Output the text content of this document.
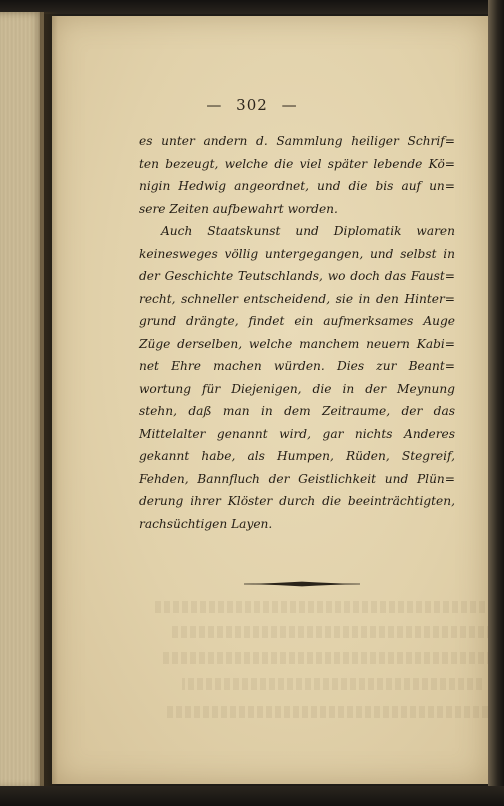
— 302 —
es unter andern d. Sammlung heiliger Schrif=
ten bezeugt, welche die viel später lebende Kö=
nigin Hedwig angeordnet, und die bis auf un=
sere Zeiten aufbewahrt worden.
Auch Staatskunst und Diplomatik waren
keinesweges völlig untergegangen, und selbst in
der Geschichte Teutschlands, wo doch das Faust=
recht, schneller entscheidend, sie in den Hinter=
grund drängte, findet ein aufmerksames Auge
Züge derselben, welche manchem neuern Kabi=
net Ehre machen würden. Dies zur Beant=
wortung für Diejenigen, die in der Meynung
stehn, daß man in dem Zeitraume, der das
Mittelalter genannt wird, gar nichts Anderes
gekannt habe, als Humpen, Rüden, Stegreif,
Fehden, Bannfluch der Geistlichkeit und Plün=
derung ihrer Klöster durch die beeinträchtigten,
rachsüchtigen Layen.
